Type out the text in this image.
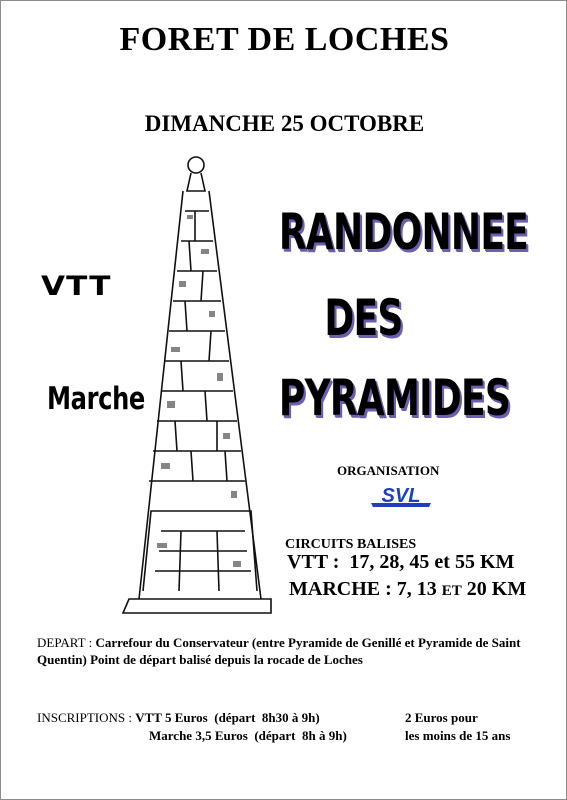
FORET DE LOCHES
DIMANCHE 25 OCTOBRE
RANDONNEE
DES
PYRAMIDES
VTT
Marche
ORGANISATION
SVL
CIRCUITS BALISES
VTT :  17, 28, 45 et 55 KM
MARCHE : 7, 13 ET 20 KM
DEPART : Carrefour du Conservateur (entre Pyramide de Genillé et Pyramide de Saint Quentin) Point de départ balisé depuis la rocade de Loches
INSCRIPTIONS : VTT 5 Euros  (départ  8h30 à 9h)
Marche 3,5 Euros  (départ  8h à 9h)
2 Euros pour
les moins de 15 ans
